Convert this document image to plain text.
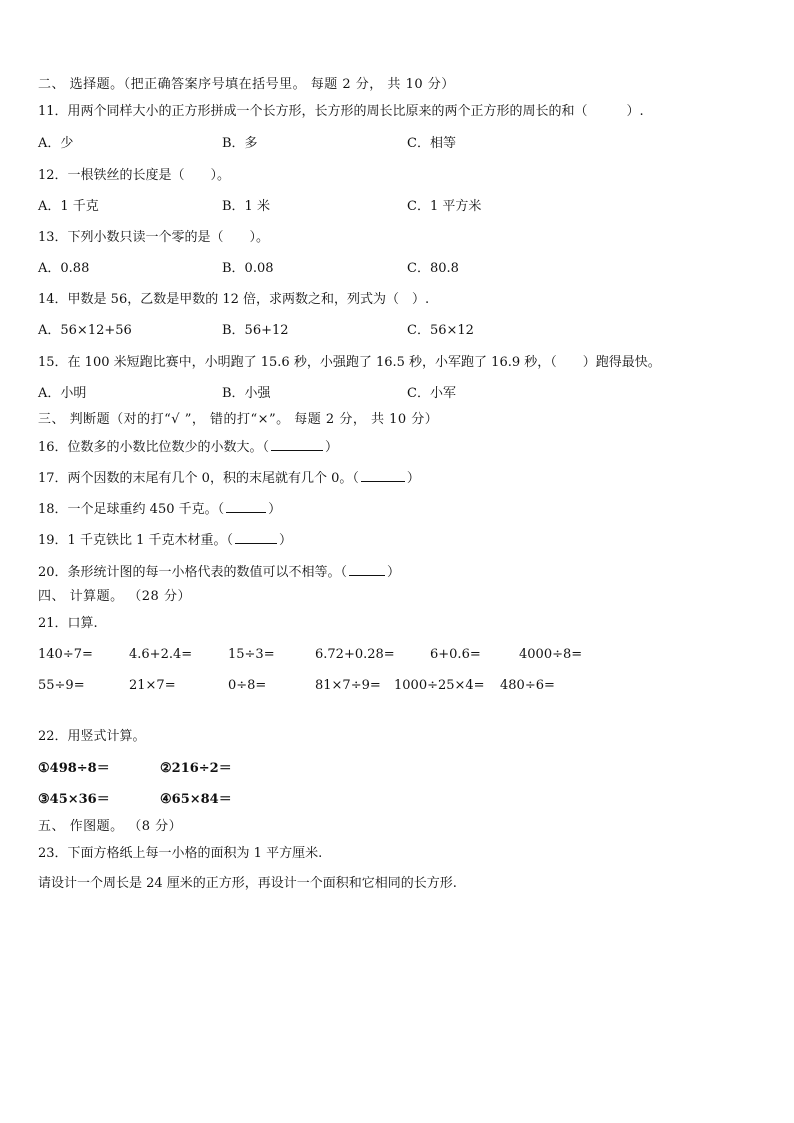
二、 选择题。（把正确答案序号填在括号里。 每题 2 分， 共 10 分）
11．用两个同样大小的正方形拼成一个长方形，长方形的周长比原来的两个正方形的周长的和（　　　）.
A．少	B．多	C．相等
12．一根铁丝的长度是（　　）。
A．1 千克	B．1 米	C．1 平方米
13．下列小数只读一个零的是（　　）。
A．0.88	B．0.08	C．80.8
14．甲数是 56，乙数是甲数的 12 倍，求两数之和，列式为（　）.
A．56×12+56	B．56+12	C．56×12
15．在 100 米短跑比赛中，小明跑了 15.6 秒，小强跑了 16.5 秒，小军跑了 16.9 秒，（　　）跑得最快。
A．小明	B．小强	C．小军
三、 判断题（对的打“√ ”， 错的打“×”。 每题 2 分， 共 10 分）
16．位数多的小数比位数少的小数大。（	）
17．两个因数的末尾有几个 0，积的末尾就有几个 0。（	）
18．一个足球重约 450 千克。（	）
19．1 千克铁比 1 千克木材重。（	）
20．条形统计图的每一小格代表的数值可以不相等。（	）
四、 计算题。 （28 分）
21．口算.
140÷7=	4.6+2.4=	15÷3=	6.72+0.28=	6+0.6=	4000÷8=
55÷9=	21×7=	0÷8=	81×7÷9= 1000÷25×4= 480÷6=
22．用竖式计算。
①498÷8＝	②216÷2＝
③45×36＝	④65×84＝
五、 作图题。 （8 分）
23．下面方格纸上每一小格的面积为 1 平方厘米.
请设计一个周长是 24 厘米的正方形，再设计一个面积和它相同的长方形.
